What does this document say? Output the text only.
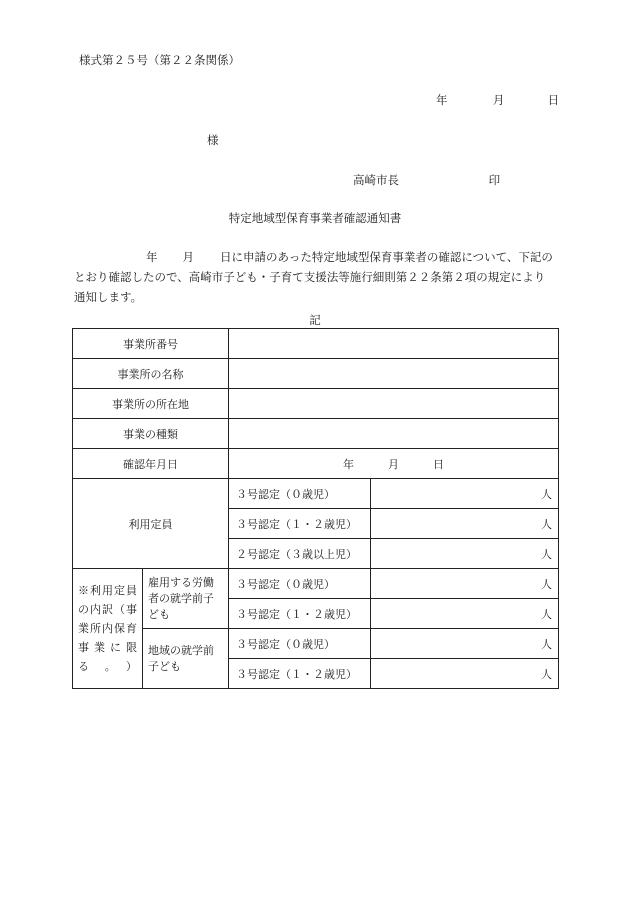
様式第２５号（第２２条関係）
年	月	日
様
高崎市長	印
特定地域型保育事業者確認通知書
年 月 日に申請のあった特定地域型保育事業者の確認について、下記のとおり確認したので、高崎市子ども・子育て支援法等施行細則第２２条第２項の規定により通知します。
記
事業所番号			
事業所の名称			
事業所の所在地			
事業の種類			
確認年月日		年 月 日	
利用定員		３号認定（０歳児）	人
		３号認定（１・２歳児）	人
		２号認定（３歳以上児）	人
※利用定員の内訳（事業所内保育事業に限る。）	雇用する労働者の就学前子ども	３号認定（０歳児）	人
		３号認定（１・２歳児）	人
	地域の就学前子ども	３号認定（０歳児）	人
		３号認定（１・２歳児）	人
